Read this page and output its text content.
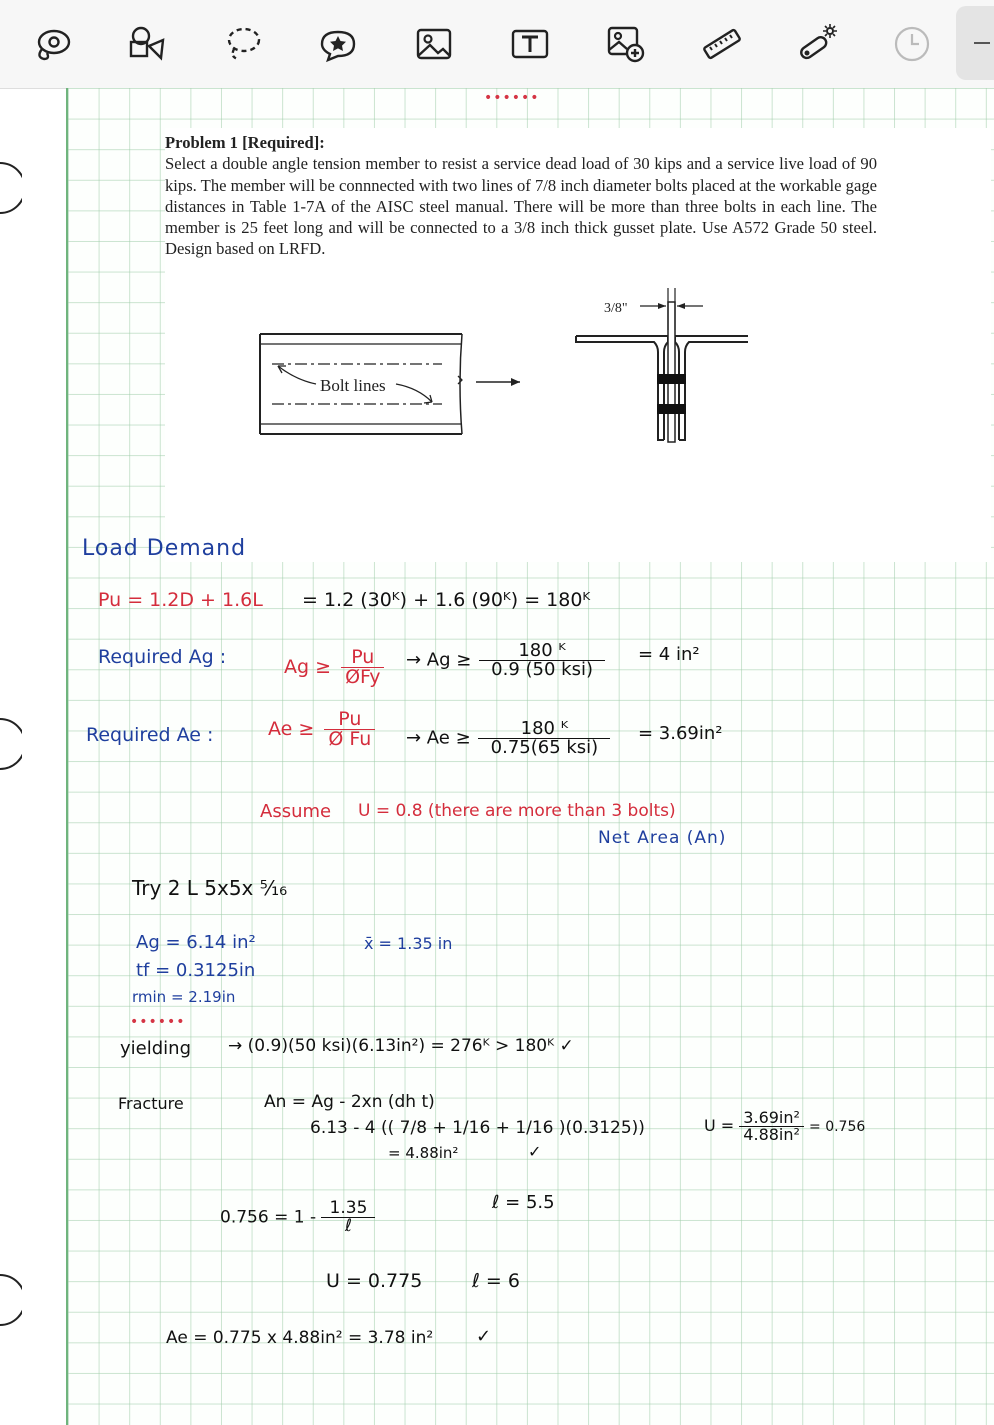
••••••
Problem 1 [Required]:
Select a double angle tension member to resist a service dead load of 30 kips and a service live load of 90 kips. The member will be connnected with two lines of 7/8 inch diameter bolts placed at the workable gage distances in Table 1-7A of the AISC steel manual. There will be more than three bolts in each line. The member is 25 feet long and will be connected to a 3/8 inch thick gusset plate. Use A572 Grade 50 steel. Design based on LRFD.
Bolt lines
3/8"
Load Demand
Pu = 1.2D + 1.6L = 1.2 (30ᴷ) + 1.6 (90ᴷ) = 180ᴷ
Required Ag :	$Ag \ge \frac{Pu}{\text{ØFy}} \to Ag \ge \frac{\text{180 ᴷ}}{\text{0.9 (50 ksi)}} = 4$ in²
Required Ae :	$Ae \ge \frac{Pu}{\text{Ø Fu}} \to Ae \ge \frac{\text{180 ᴷ}}{\text{0.75(65 ksi)}} = 3.69in^2$
Assume U = 0.8 (there are more than 3 bolts)
Net Area (An)
Try 2 L 5x5x ⁵⁄₁₆
Ag = 6.14 in²
tf = 0.3125in
rmin = 2.19in
x̄ = 1.35 in
••••••
yielding → (0.9)(50 ksi)(6.13in²) = 276ᴷ > 180ᴷ ✓
Fracture	An = Ag - 2xn (dh t)
6.13 - 4 (( 7/8 + 1/16 + 1/16 )(0.3125))
= 4.88in²	✓
$U = \frac{\text{3.69in²}}{\text{4.88in²}} = 0.756$
$0.756 = 1 - \frac{1.35}{\text{ℓ}}$	ℓ = 5.5
U = 0.775	ℓ = 6
Ae = 0.775 x 4.88in² = 3.78 in² ✓
